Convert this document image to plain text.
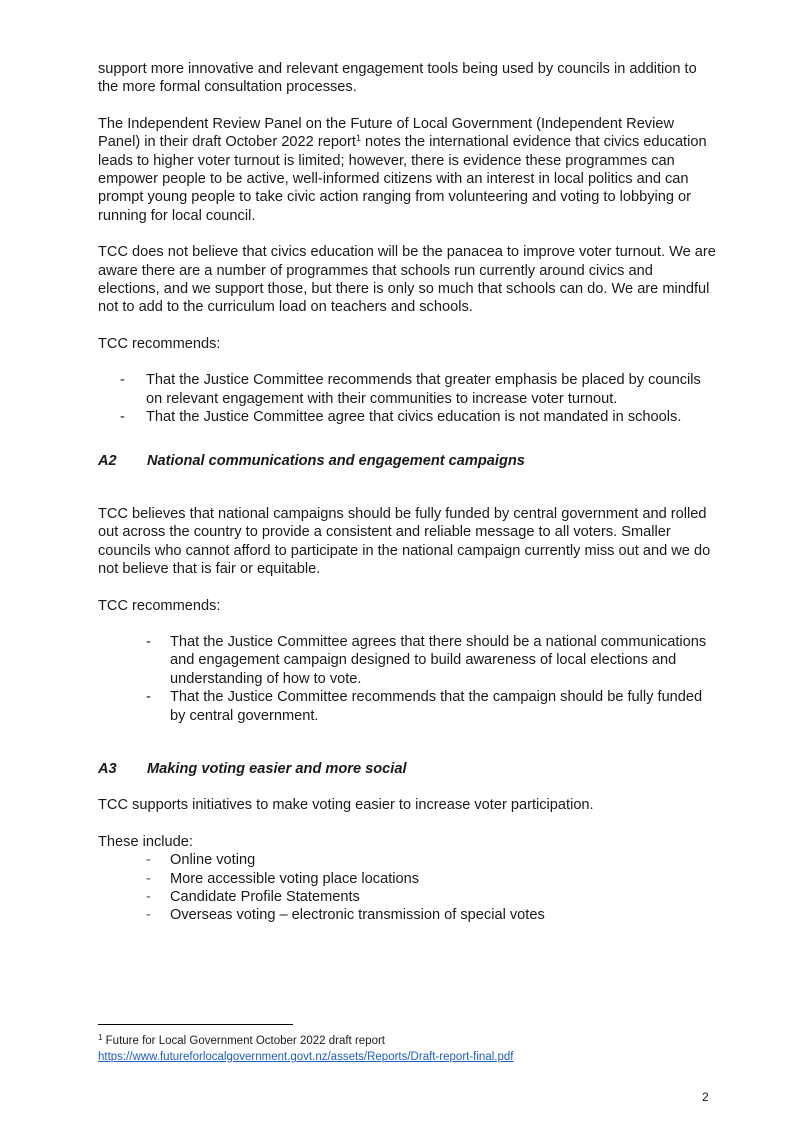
support more innovative and relevant engagement tools being used by councils in addition to the more formal consultation processes.

The Independent Review Panel on the Future of Local Government (Independent Review Panel) in their draft October 2022 report$^1$ notes the international evidence that civics education leads to higher voter turnout is limited; however, there is evidence these programmes can empower people to be active, well-informed citizens with an interest in local politics and can prompt young people to take civic action ranging from volunteering and voting to lobbying or running for local council.

TCC does not believe that civics education will be the panacea to improve voter turnout. We are aware there are a number of programmes that schools run currently around civics and elections, and we support those, but there is only so much that schools can do. We are mindful not to add to the curriculum load on teachers and schools.

TCC recommends:

- That the Justice Committee recommends that greater emphasis be placed by councils on relevant engagement with their communities to increase voter turnout.
- That the Justice Committee agree that civics education is not mandated in schools.
A2 National communications and engagement campaigns

TCC believes that national campaigns should be fully funded by central government and rolled out across the country to provide a consistent and reliable message to all voters. Smaller councils who cannot afford to participate in the national campaign currently miss out and we do not believe that is fair or equitable.

TCC recommends:

- That the Justice Committee agrees that there should be a national communications and engagement campaign designed to build awareness of local elections and understanding of how to vote.
- That the Justice Committee recommends that the campaign should be fully funded by central government.
A3 Making voting easier and more social

TCC supports initiatives to make voting easier to increase voter participation.

These include:

- Online voting
- More accessible voting place locations
- Candidate Profile Statements
- Overseas voting – electronic transmission of special votes
$^1$ Future for Local Government October 2022 draft report
https://www.futureforlocalgovernment.govt.nz/assets/Reports/Draft-report-final.pdf
2
